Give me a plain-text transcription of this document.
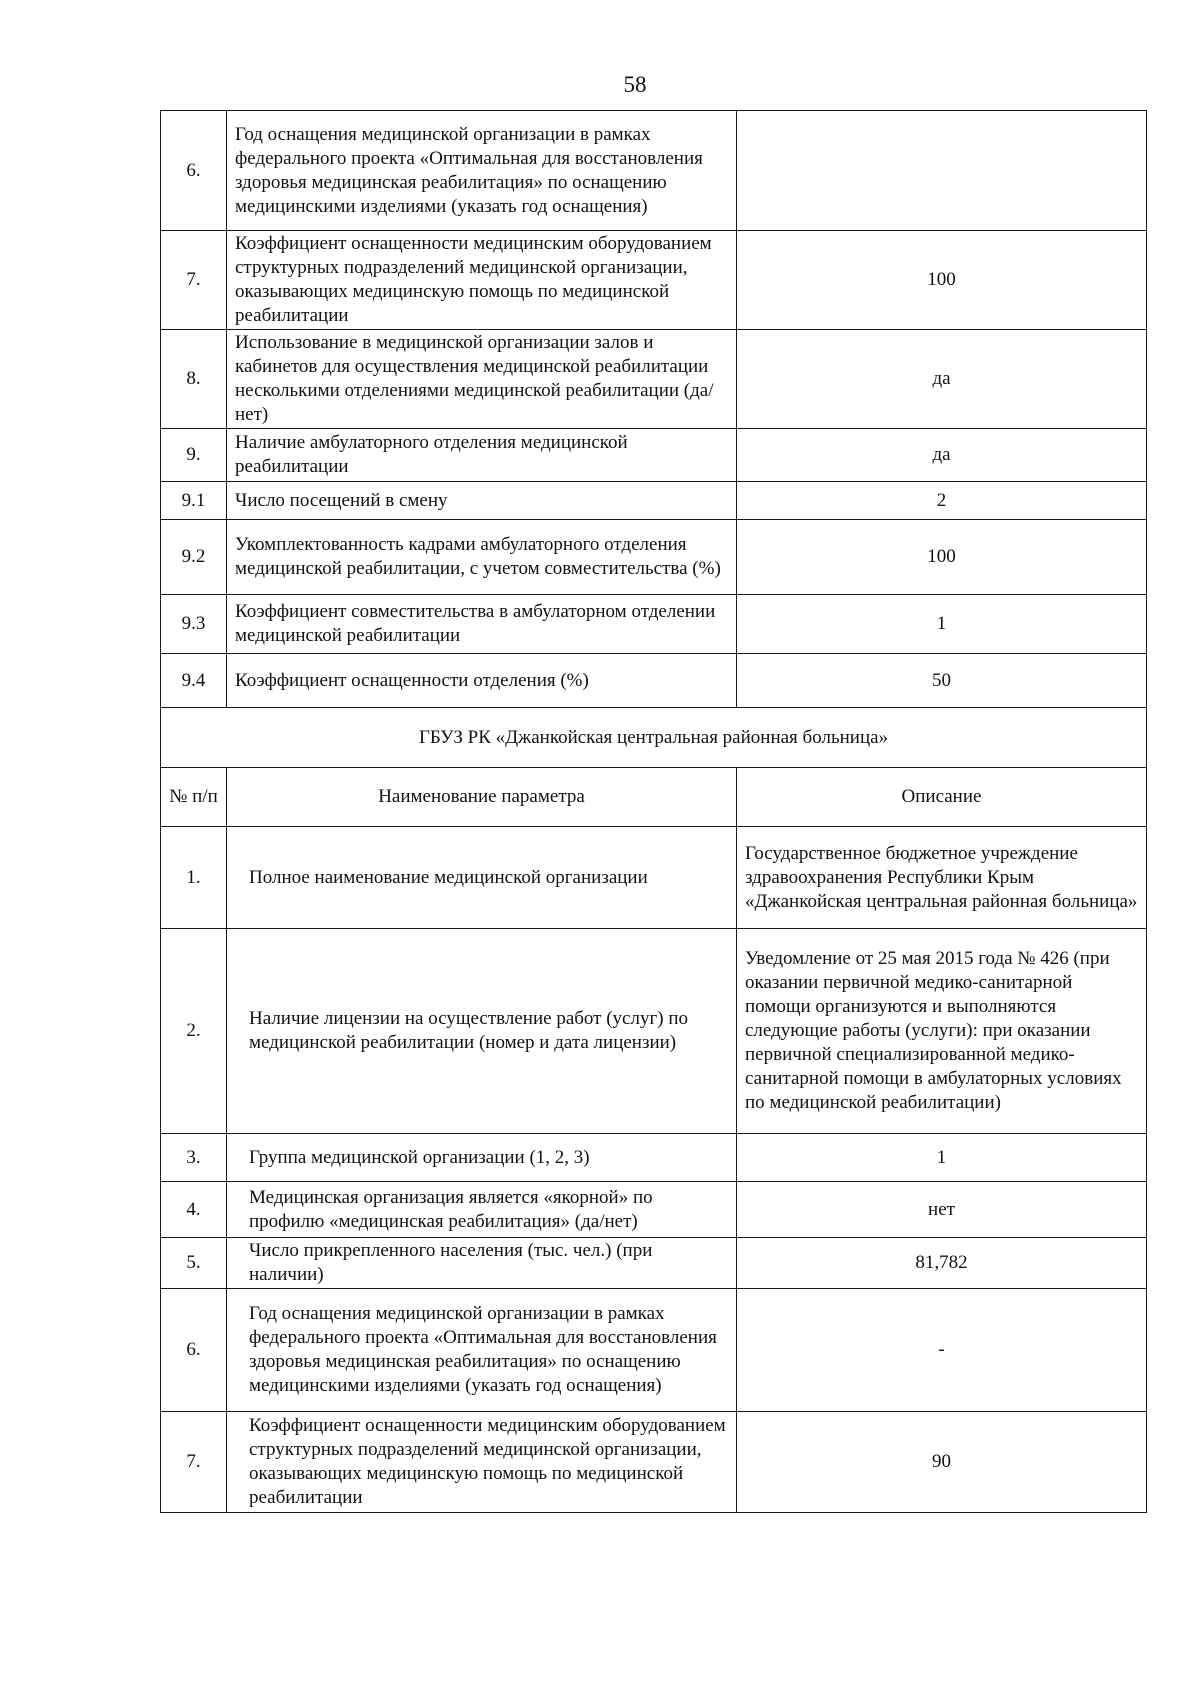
58
6.	Год оснащения медицинской организации в рамках федерального проекта «Оптимальная для восстановления здоровья медицинская реабилитация» по оснащению медицинскими изделиями (указать год оснащения)	
7.	Коэффициент оснащенности медицинским оборудованием структурных подразделений медицинской организации, оказывающих медицинскую помощь по медицинской реабилитации	100
8.	Использование в медицинской организации залов и кабинетов для осуществления медицинской реабилитации несколькими отделениями медицинской реабилитации (да/нет)	да
9.	Наличие амбулаторного отделения медицинской реабилитации	да
9.1	Число посещений в смену	2
9.2	Укомплектованность кадрами амбулаторного отделения медицинской реабилитации, с учетом совместительства (%)	100
9.3	Коэффициент совместительства в амбулаторном отделении медицинской реабилитации	1
9.4	Коэффициент оснащенности отделения (%)	50
ГБУЗ РК «Джанкойская центральная районная больница»		
№ п/п	Наименование параметра	Описание
1.	Полное наименование медицинской организации	Государственное бюджетное учреждение здравоохранения Республики Крым «Джанкойская центральная районная больница»
2.	Наличие лицензии на осуществление работ (услуг) по медицинской реабилитации (номер и дата лицензии)	Уведомление от 25 мая 2015 года № 426 (при оказании первичной медико-санитарной помощи организуются и выполняются следующие работы (услуги): при оказании первичной специализированной медико-санитарной помощи в амбулаторных условиях по медицинской реабилитации)
3.	Группа медицинской организации (1, 2, 3)	1
4.	Медицинская организация является «якорной» по профилю «медицинская реабилитация» (да/нет)	нет
5.	Число прикрепленного населения (тыс. чел.) (при наличии)	81,782
6.	Год оснащения медицинской организации в рамках федерального проекта «Оптимальная для восстановления здоровья медицинская реабилитация» по оснащению медицинскими изделиями (указать год оснащения)	-
7.	Коэффициент оснащенности медицинским оборудованием структурных подразделений медицинской организации, оказывающих медицинскую помощь по медицинской реабилитации	90
